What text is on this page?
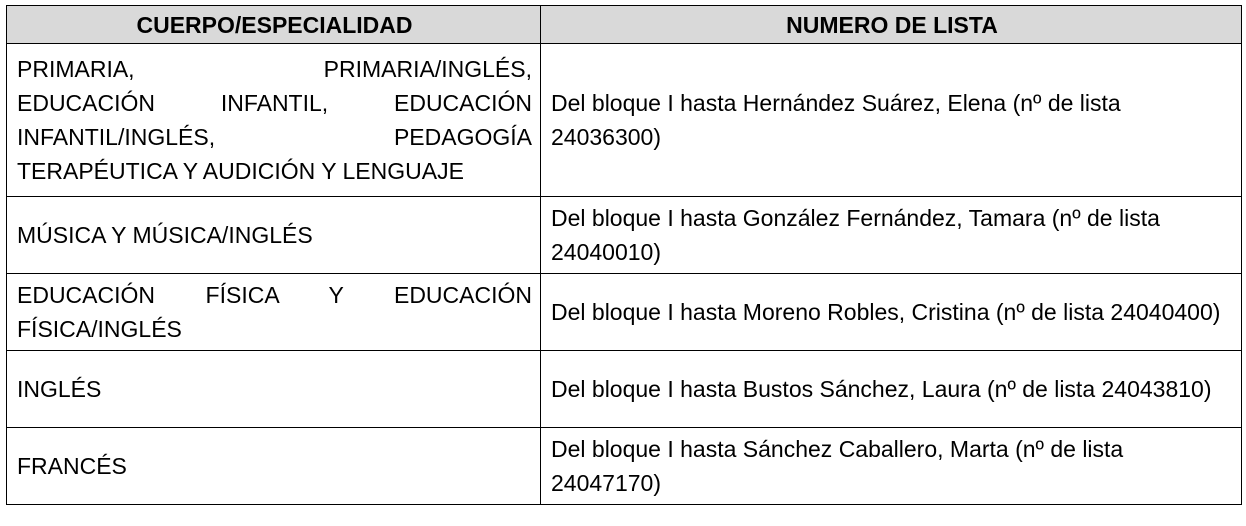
CUERPO/ESPECIALIDAD	NUMERO DE LISTA

PRIMARIA, PRIMARIA/INGLÉS,
EDUCACIÓN INFANTIL, EDUCACIÓN
INFANTIL/INGLÉS, PEDAGOGÍA
TERAPÉUTICA Y AUDICIÓN Y LENGUAJE	Del bloque I hasta Hernández Suárez, Elena (nº de lista 24036300)

MÚSICA Y MÚSICA/INGLÉS	Del bloque I hasta González Fernández, Tamara (nº de lista 24040010)

EDUCACIÓN FÍSICA Y EDUCACIÓN
FÍSICA/INGLÉS	Del bloque I hasta Moreno Robles, Cristina (nº de lista 24040400)

INGLÉS	Del bloque I hasta Bustos Sánchez, Laura (nº de lista 24043810)

FRANCÉS	Del bloque I hasta Sánchez Caballero, Marta (nº de lista 24047170)
